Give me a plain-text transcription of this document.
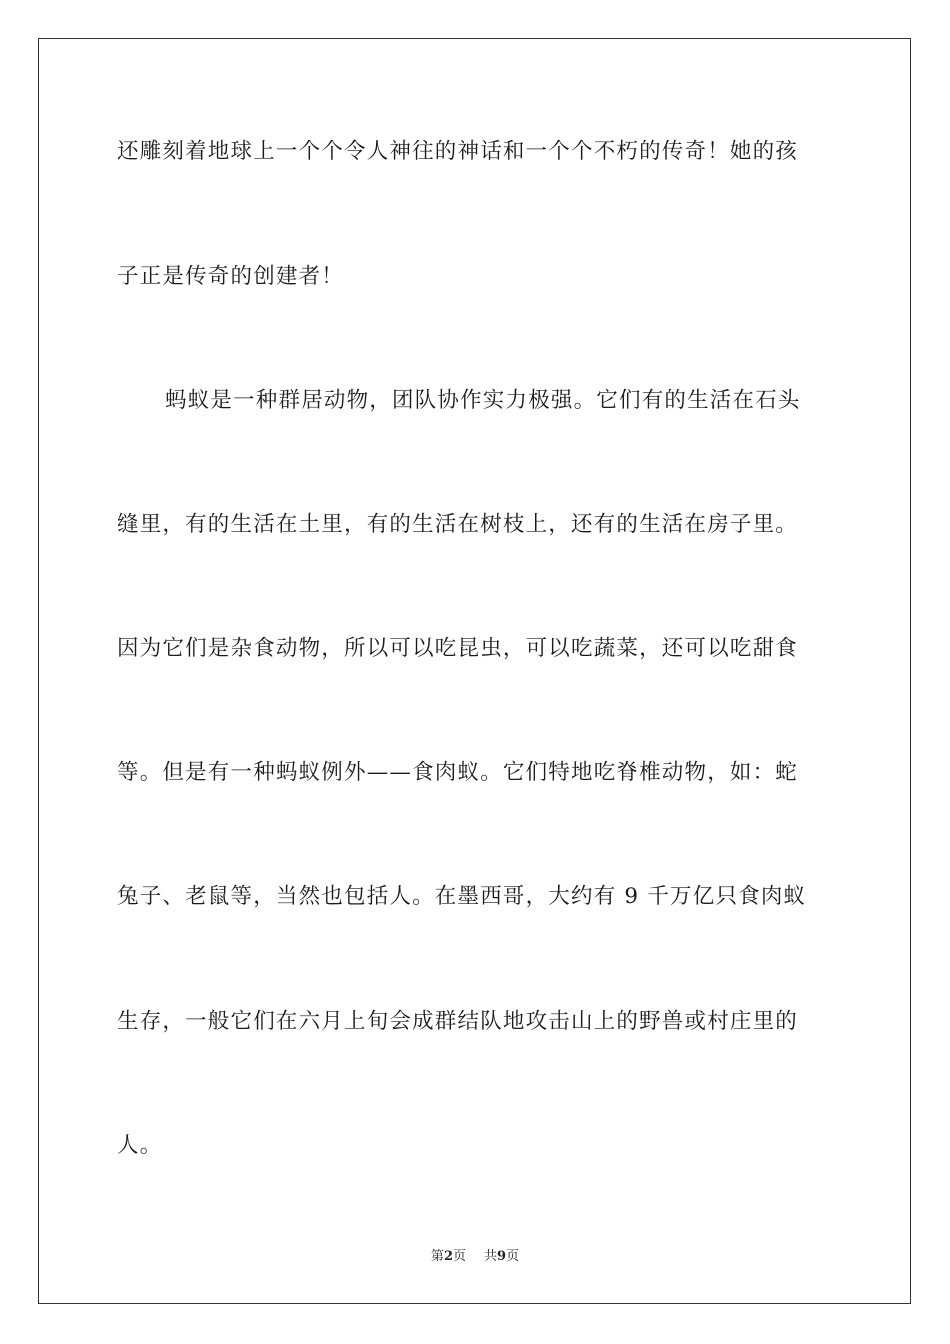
还雕刻着地球上一个个令人神往的神话和一个个不朽的传奇！她的孩
子正是传奇的创建者！
蚂蚁是一种群居动物，团队协作实力极强。它们有的生活在石头
缝里，有的生活在土里，有的生活在树枝上，还有的生活在房子里。
因为它们是杂食动物，所以可以吃昆虫，可以吃蔬菜，还可以吃甜食
等。但是有一种蚂蚁例外——食肉蚁。它们特地吃脊椎动物，如：蛇
兔子、老鼠等，当然也包括人。在墨西哥，大约有 9 千万亿只食肉蚁
生存，一般它们在六月上旬会成群结队地攻击山上的野兽或村庄里的
人。
第2页 共9页
